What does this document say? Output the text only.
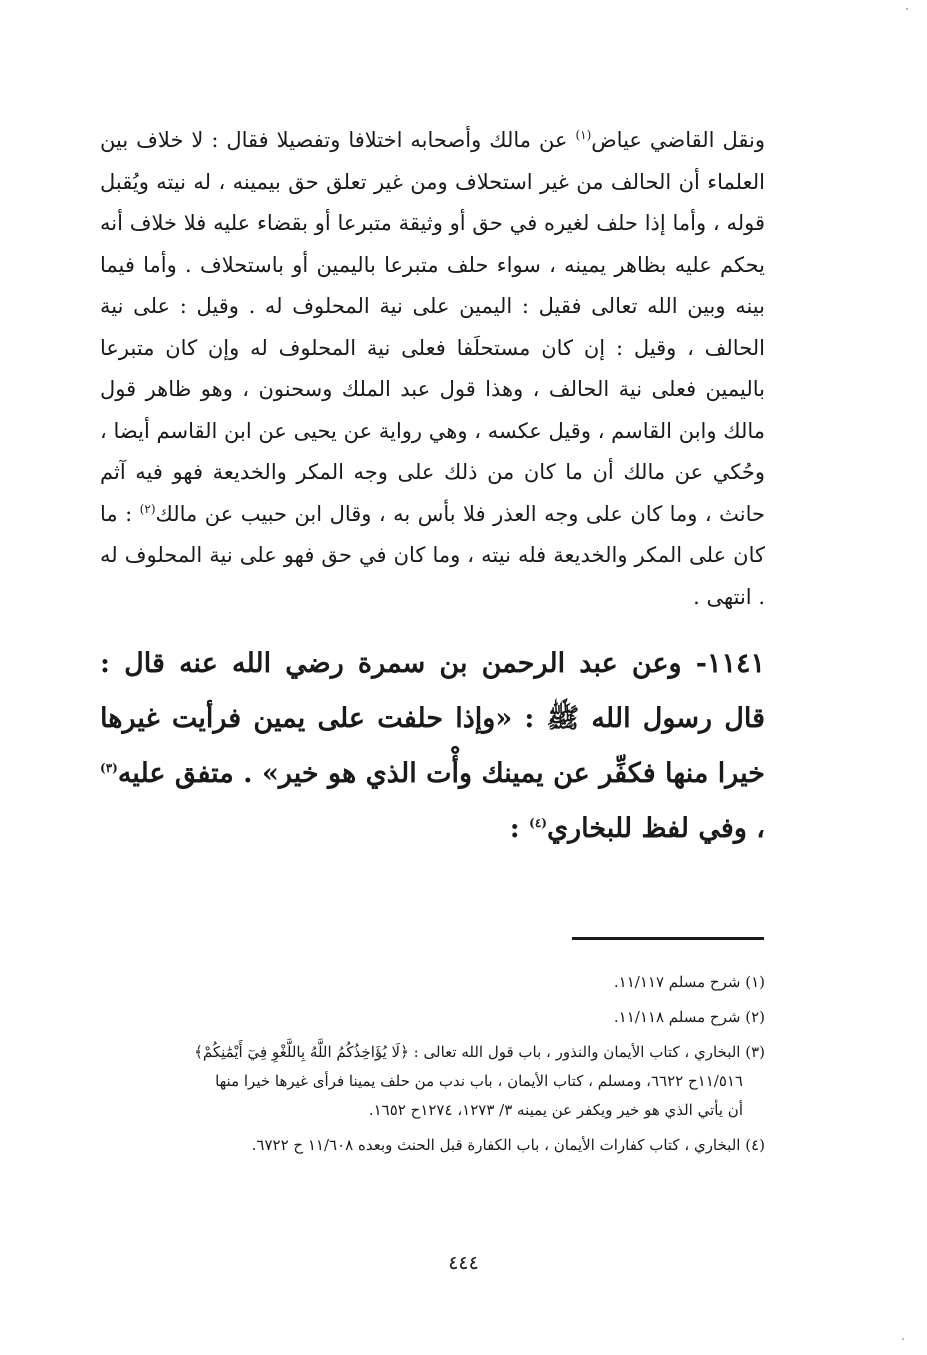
ونقل القاضي عياض$^{(١)}$ عن مالك وأصحابه اختلافا وتفصيلا فقال : لا خلاف بين العلماء أن الحالف من غير استحلاف ومن غير تعلق حق بيمينه ، له نيته ويُقبل قوله ، وأما إذا حلف لغيره في حق أو وثيقة متبرعا أو بقضاء عليه فلا خلاف أنه يحكم عليه بظاهر يمينه ، سواء حلف متبرعا باليمين أو باستحلاف . وأما فيما بينه وبين الله تعالى فقيل : اليمين على نية المحلوف له . وقيل : على نية الحالف ، وقيل : إن كان مستحلَفا فعلى نية المحلوف له وإن كان متبرعا باليمين فعلى نية الحالف ، وهذا قول عبد الملك وسحنون ، وهو ظاهر قول مالك وابن القاسم ، وقيل عكسه ، وهي رواية عن يحيى عن ابن القاسم أيضا ، وحُكي عن مالك أن ما كان من ذلك على وجه المكر والخديعة فهو فيه آثم حانث ، وما كان على وجه العذر فلا بأس به ، وقال ابن حبيب عن مالك$^{(٢)}$ : ما كان على المكر والخديعة فله نيته ، وما كان في حق فهو على نية المحلوف له . انتهى .

١١٤١- وعن عبد الرحمن بن سمرة رضي الله عنه قال : قال رسول الله ﷺ : «وإذا حلفت على يمين فرأيت غيرها خيرا منها فكفِّر عن يمينك وأْت الذي هو خير» . متفق عليه$^{(٣)}$ ، وفي لفظ للبخاري$^{(٤)}$ :

(١) شرح مسلم ١١/١١٧.

(٢) شرح مسلم ١١/١١٨.

(٣) البخاري ، كتاب الأيمان والنذور ، باب قول الله تعالى : ﴿لَا يُؤَاخِذُكُمُ اللَّهُ بِاللَّغْوِ فِيٓ أَيْمَٰنِكُمْ﴾

١١/٥١٦ح ٦٦٢٢، ومسلم ، كتاب الأيمان ، باب ندب من حلف يمينا فرأى غيرها خيرا منها

أن يأتي الذي هو خير ويكفر عن يمينه ٣/ ١٢٧٣، ١٢٧٤ح ١٦٥٢.

(٤) البخاري ، كتاب كفارات الأيمان ، باب الكفارة قبل الحنث وبعده ١١/٦٠٨ ح ٦٧٢٢.

٤٤٤
